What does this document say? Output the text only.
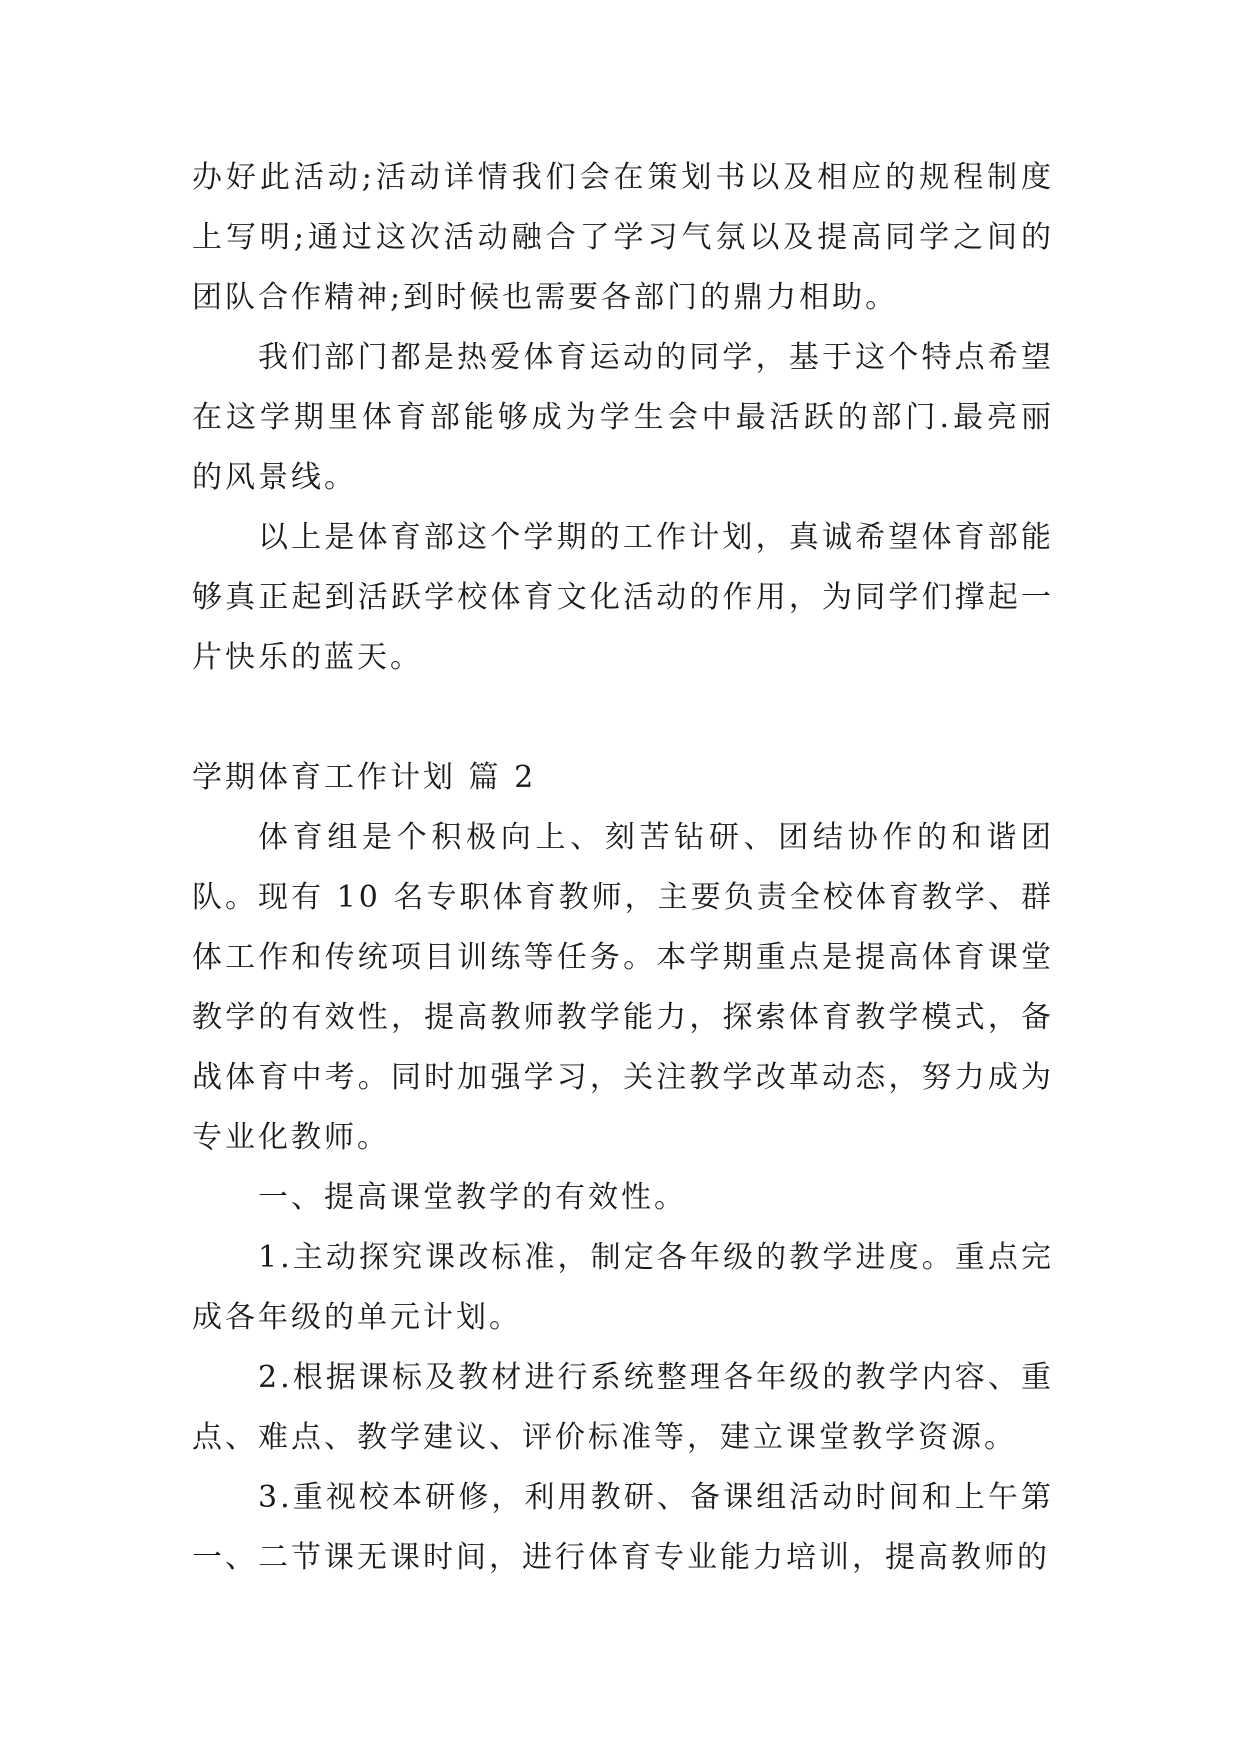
办好此活动;活动详情我们会在策划书以及相应的规程制度上写明;通过这次活动融合了学习气氛以及提高同学之间的团队合作精神;到时候也需要各部门的鼎力相助。

我们部门都是热爱体育运动的同学，基于这个特点希望在这学期里体育部能够成为学生会中最活跃的部门.最亮丽的风景线。

以上是体育部这个学期的工作计划，真诚希望体育部能够真正起到活跃学校体育文化活动的作用，为同学们撑起一片快乐的蓝天。

学期体育工作计划 篇 2

体育组是个积极向上、刻苦钻研、团结协作的和谐团队。现有 10 名专职体育教师，主要负责全校体育教学、群体工作和传统项目训练等任务。本学期重点是提高体育课堂教学的有效性，提高教师教学能力，探索体育教学模式，备战体育中考。同时加强学习，关注教学改革动态，努力成为专业化教师。

一、提高课堂教学的有效性。

1.主动探究课改标准，制定各年级的教学进度。重点完成各年级的单元计划。

2.根据课标及教材进行系统整理各年级的教学内容、重点、难点、教学建议、评价标准等，建立课堂教学资源。

3.重视校本研修，利用教研、备课组活动时间和上午第一、二节课无课时间，进行体育专业能力培训，提高教师的
